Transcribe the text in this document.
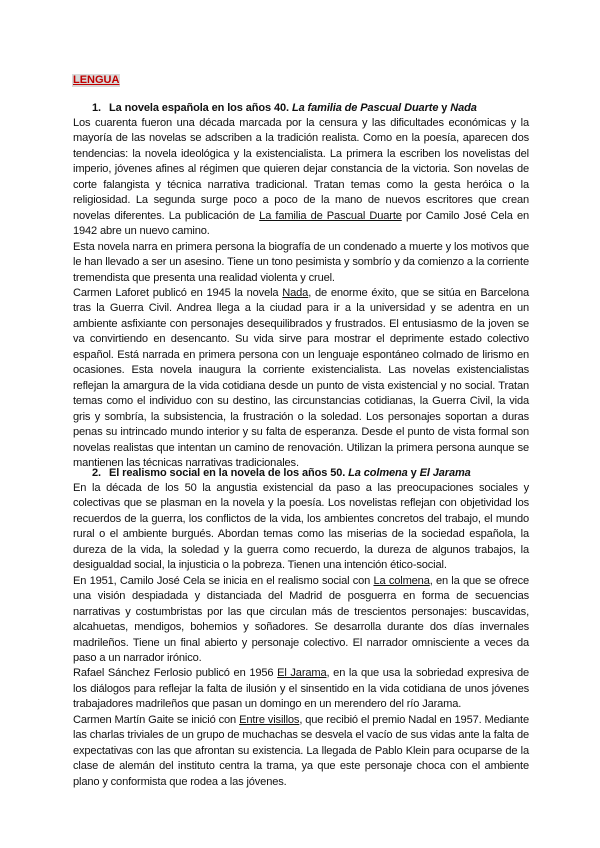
LENGUA
1. La novela española en los años 40. La familia de Pascual Duarte y Nada

Los cuarenta fueron una década marcada por la censura y las dificultades económicas y la mayoría de las novelas se adscriben a la tradición realista. Como en la poesía, aparecen dos tendencias: la novela ideológica y la existencialista. La primera la escriben los novelistas del imperio, jóvenes afines al régimen que quieren dejar constancia de la victoria. Son novelas de corte falangista y técnica narrativa tradicional. Tratan temas como la gesta heróica o la religiosidad. La segunda surge poco a poco de la mano de nuevos escritores que crean novelas diferentes. La publicación de La familia de Pascual Duarte por Camilo José Cela en 1942 abre un nuevo camino.

Esta novela narra en primera persona la biografía de un condenado a muerte y los motivos que le han llevado a ser un asesino. Tiene un tono pesimista y sombrío y da comienzo a la corriente tremendista que presenta una realidad violenta y cruel.

Carmen Laforet publicó en 1945 la novela Nada, de enorme éxito, que se sitúa en Barcelona tras la Guerra Civil. Andrea llega a la ciudad para ir a la universidad y se adentra en un ambiente asfixiante con personajes desequilibrados y frustrados. El entusiasmo de la joven se va convirtiendo en desencanto. Su vida sirve para mostrar el deprimente estado colectivo español. Está narrada en primera persona con un lenguaje espontáneo colmado de lirismo en ocasiones. Esta novela inaugura la corriente existencialista. Las novelas existencialistas reflejan la amargura de la vida cotidiana desde un punto de vista existencial y no social. Tratan temas como el individuo con su destino, las circunstancias cotidianas, la Guerra Civil, la vida gris y sombría, la subsistencia, la frustración o la soledad. Los personajes soportan a duras penas su intrincado mundo interior y su falta de esperanza. Desde el punto de vista formal son novelas realistas que intentan un camino de renovación. Utilizan la primera persona aunque se mantienen las técnicas narrativas tradicionales.

2. El realismo social en la novela de los años 50. La colmena y El Jarama

En la década de los 50 la angustia existencial da paso a las preocupaciones sociales y colectivas que se plasman en la novela y la poesía. Los novelistas reflejan con objetividad los recuerdos de la guerra, los conflictos de la vida, los ambientes concretos del trabajo, el mundo rural o el ambiente burgués. Abordan temas como las miserias de la sociedad española, la dureza de la vida, la soledad y la guerra como recuerdo, la dureza de algunos trabajos, la desigualdad social, la injusticia o la pobreza. Tienen una intención ético-social.

En 1951, Camilo José Cela se inicia en el realismo social con La colmena, en la que se ofrece una visión despiadada y distanciada del Madrid de posguerra en forma de secuencias narrativas y costumbristas por las que circulan más de trescientos personajes: buscavidas, alcahuetas, mendigos, bohemios y soñadores. Se desarrolla durante dos días invernales madrileños. Tiene un final abierto y personaje colectivo. El narrador omnisciente a veces da paso a un narrador irónico.

Rafael Sánchez Ferlosio publicó en 1956 El Jarama, en la que usa la sobriedad expresiva de los diálogos para reflejar la falta de ilusión y el sinsentido en la vida cotidiana de unos jóvenes trabajadores madrileños que pasan un domingo en un merendero del río Jarama.

Carmen Martín Gaite se inició con Entre visillos, que recibió el premio Nadal en 1957. Mediante las charlas triviales de un grupo de muchachas se desvela el vacío de sus vidas ante la falta de expectativas con las que afrontan su existencia. La llegada de Pablo Klein para ocuparse de la clase de alemán del instituto centra la trama, ya que este personaje choca con el ambiente plano y conformista que rodea a las jóvenes.
